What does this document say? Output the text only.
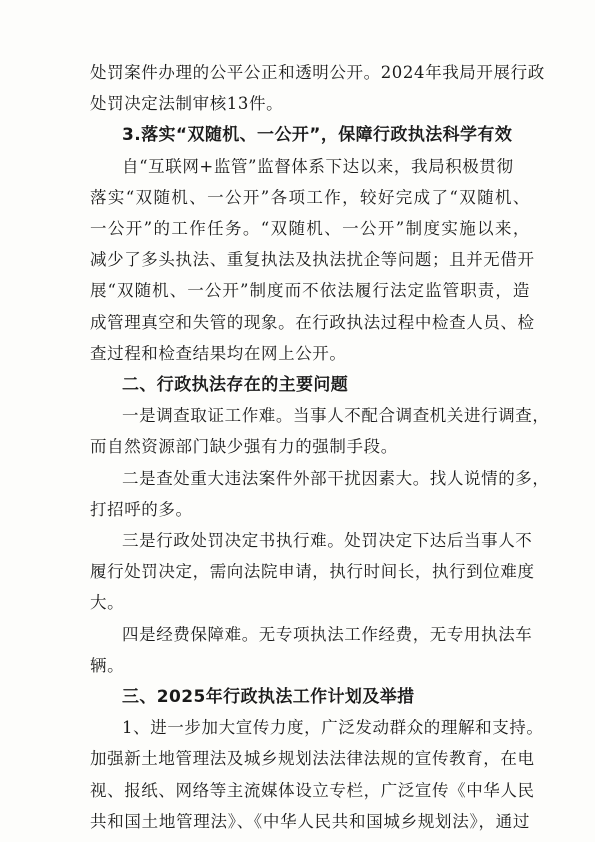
处罚案件办理的公平公正和透明公开。2024年我局开展行政
处罚决定法制审核13件。
3.落实“双随机、一公开”，保障行政执法科学有效
自“互联网+监管”监督体系下达以来，我局积极贯彻
落实“双随机、一公开”各项工作，较好完成了“双随机、
一公开”的工作任务。“双随机、一公开”制度实施以来，
减少了多头执法、重复执法及执法扰企等问题；且并无借开
展“双随机、一公开”制度而不依法履行法定监管职责，造
成管理真空和失管的现象。在行政执法过程中检查人员、检
查过程和检查结果均在网上公开。
二、行政执法存在的主要问题
一是调查取证工作难。当事人不配合调查机关进行调查，
而自然资源部门缺少强有力的强制手段。
二是查处重大违法案件外部干扰因素大。找人说情的多，
打招呼的多。
三是行政处罚决定书执行难。处罚决定下达后当事人不
履行处罚决定，需向法院申请，执行时间长，执行到位难度
大。
四是经费保障难。无专项执法工作经费，无专用执法车
辆。
三、2025年行政执法工作计划及举措
1、进一步加大宣传力度，广泛发动群众的理解和支持。
加强新土地管理法及城乡规划法法律法规的宣传教育，在电
视、报纸、网络等主流媒体设立专栏，广泛宣传《中华人民
共和国土地管理法》、《中华人民共和国城乡规划法》，通过
